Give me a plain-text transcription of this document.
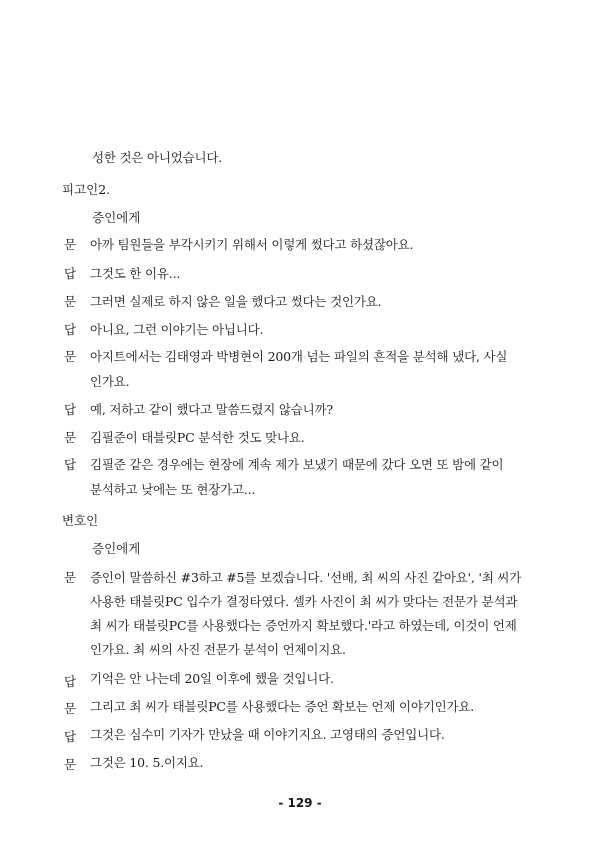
성한 것은 아니었습니다.
피고인2.
증인에게
문 아까 팀원들을 부각시키기 위해서 이렇게 썼다고 하셨잖아요.
답 그것도 한 이유...
문 그러면 실제로 하지 않은 일을 했다고 썼다는 것인가요.
답 아니요, 그런 이야기는 아닙니다.
문 아지트에서는 김태영과 박병현이 200개 넘는 파일의 흔적을 분석해 냈다, 사실
인가요.
답 예, 저하고 같이 했다고 말씀드렸지 않습니까?
문 김필준이 태블릿PC 분석한 것도 맞나요.
답 김필준 같은 경우에는 현장에 계속 제가 보냈기 때문에 갔다 오면 또 밤에 같이
분석하고 낮에는 또 현장가고...
변호인
증인에게
문 증인이 말씀하신 #3하고 #5를 보겠습니다. '선배, 최 씨의 사진 같아요', '최 씨가
사용한 태블릿PC 입수가 결정타였다. 셀카 사진이 최 씨가 맞다는 전문가 분석과
최 씨가 태블릿PC를 사용했다는 증언까지 확보했다.'라고 하였는데, 이것이 언제
인가요. 최 씨의 사진 전문가 분석이 언제이지요.
답 기억은 안 나는데 20일 이후에 했을 것입니다.
문 그리고 최 씨가 태블릿PC를 사용했다는 증언 확보는 언제 이야기인가요.
답 그것은 심수미 기자가 만났을 때 이야기지요. 고영태의 증언입니다.
문 그것은 10. 5.이지요.
- 129 -
